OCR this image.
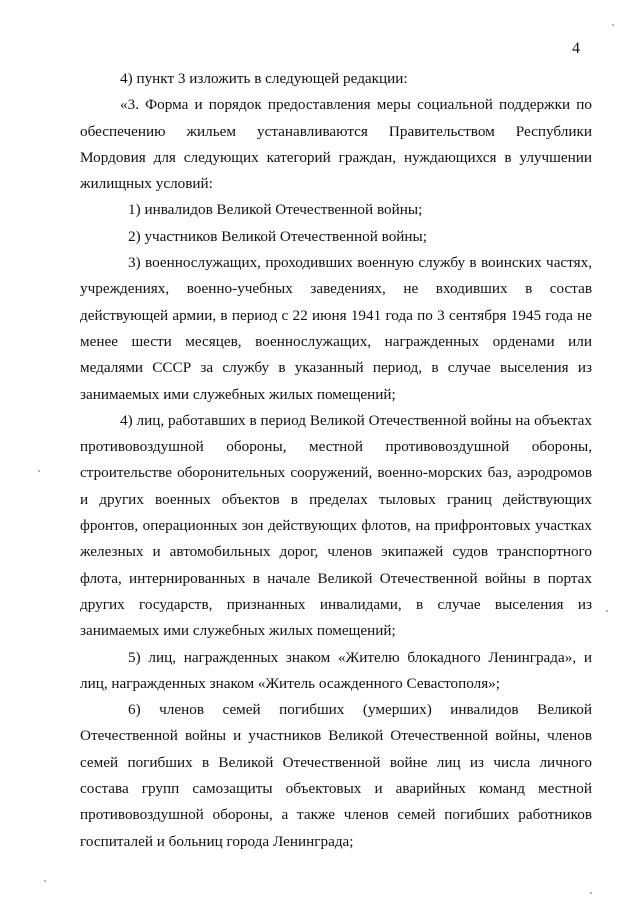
4

4) пункт 3 изложить в следующей редакции:

«3. Форма и порядок предоставления меры социальной поддержки по обеспечению жильем устанавливаются Правительством Республики Мордовия для следующих категорий граждан, нуждающихся в улучшении жилищных условий:

1) инвалидов Великой Отечественной войны;

2) участников Великой Отечественной войны;

3) военнослужащих, проходивших военную службу в воинских частях, учреждениях, военно-учебных заведениях, не входивших в состав действующей армии, в период с 22 июня 1941 года по 3 сентября 1945 года не менее шести месяцев, военнослужащих, награжденных орденами или медалями СССР за службу в указанный период, в случае выселения из занимаемых ими служебных жилых помещений;

4) лиц, работавших в период Великой Отечественной войны на объектах противовоздушной обороны, местной противовоздушной обороны, строительстве оборонительных сооружений, военно-морских баз, аэродромов и других военных объектов в пределах тыловых границ действующих фронтов, операционных зон действующих флотов, на прифронтовых участках железных и автомобильных дорог, членов экипажей судов транспортного флота, интернированных в начале Великой Отечественной войны в портах других государств, признанных инвалидами, в случае выселения из занимаемых ими служебных жилых помещений;

5) лиц, награжденных знаком «Жителю блокадного Ленинграда», и лиц, награжденных знаком «Житель осажденного Севастополя»;

6) членов семей погибших (умерших) инвалидов Великой Отечественной войны и участников Великой Отечественной войны, членов семей погибших в Великой Отечественной войне лиц из числа личного состава групп самозащиты объектовых и аварийных команд местной противовоздушной обороны, а также членов семей погибших работников госпиталей и больниц города Ленинграда;
